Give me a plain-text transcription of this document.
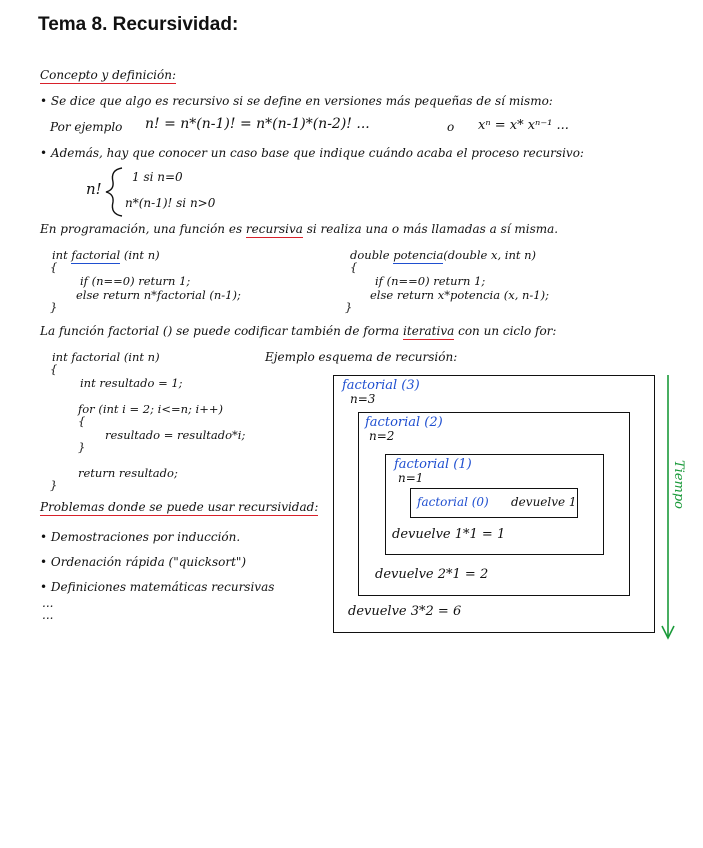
Tema 8. Recursividad:
Concepto y definición:
• Se dice que algo es recursivo si se define en versiones más pequeñas de sí mismo:
Por ejemplo n! = n*(n-1)! = n*(n-1)*(n-2)! ...	o xⁿ = x* xⁿ⁻¹ ...
• Además, hay que conocer un caso base que indique cuándo acaba el proceso recursivo:
n!
1 si n=0
n*(n-1)! si n>0
En programación, una función es recursiva si realiza una o más llamadas a sí misma.
int factorial (int n)
{
if (n==0) return 1;
else return n*factorial (n-1);
}
double potencia(double x, int n)
{
if (n==0) return 1;
else return x*potencia (x, n-1);
}
La función factorial () se puede codificar también de forma iterativa con un ciclo for:
int factorial (int n)
{
int resultado = 1;
for (int i = 2; i<=n; i++)
{
resultado = resultado*i;
}
return resultado;
}
Ejemplo esquema de recursión:
factorial (3)
n=3
devuelve 3*2 = 6
factorial (2)
n=2
devuelve 2*1 = 2
factorial (1)
n=1
devuelve 1*1 = 1
factorial (0) devuelve 1	Tiempo
Problemas donde se puede usar recursividad:
• Demostraciones por inducción.
• Ordenación rápida ("quicksort")
• Definiciones matemáticas recursivas
...
...
